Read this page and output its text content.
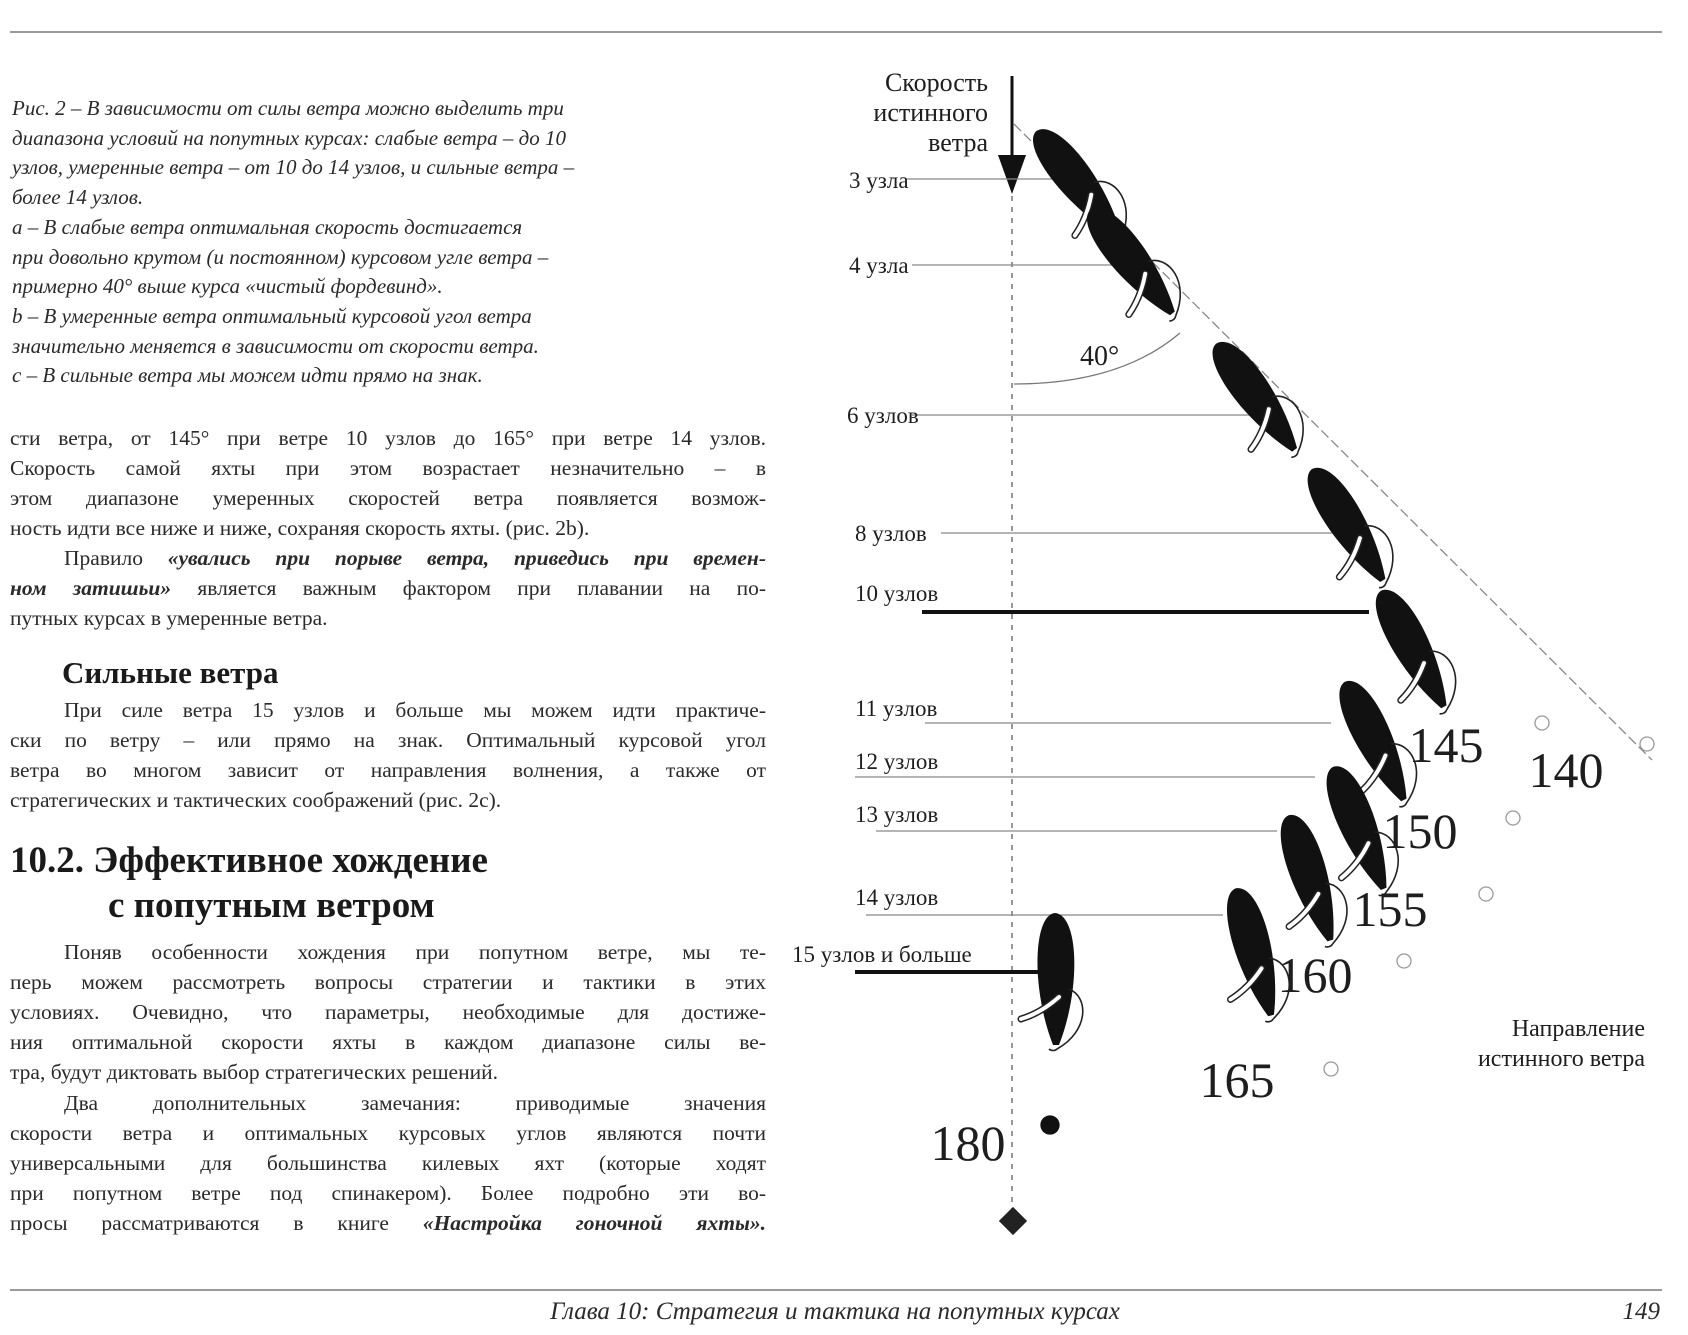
Рис. 2 – В зависимости от силы ветра можно выделить три
диапазона условий на попутных курсах: слабые ветра – до 10
узлов, умеренные ветра – от 10 до 14 узлов, и сильные ветра –
более 14 узлов.
a – В слабые ветра оптимальная скорость достигается
при довольно крутом (и постоянном) курсовом угле ветра –
примерно 40° выше курса «чистый фордевинд».
b – В умеренные ветра оптимальный курсовой угол ветра
значительно меняется в зависимости от скорости ветра.
c – В сильные ветра мы можем идти прямо на знак.
сти ветра, от 145° при ветре 10 узлов до 165° при ветре 14 узлов.
Скорость самой яхты при этом возрастает незначительно – в
этом диапазоне умеренных скоростей ветра появляется возмож-
ность идти все ниже и ниже, сохраняя скорость яхты. (рис. 2b).
Правило «увались при порыве ветра, приведись при времен-
ном затишьи» является важным фактором при плавании на по-
путных курсах в умеренные ветра.
Сильные ветра
При силе ветра 15 узлов и больше мы можем идти практиче-
ски по ветру – или прямо на знак. Оптимальный курсовой угол
ветра во многом зависит от направления волнения, а также от
стратегических и тактических соображений (рис. 2c).
10.2. Эффективное хождение
с попутным ветром
Поняв особенности хождения при попутном ветре, мы те-
перь можем рассмотреть вопросы стратегии и тактики в этих
условиях. Очевидно, что параметры, необходимые для достиже-
ния оптимальной скорости яхты в каждом диапазоне силы ве-
тра, будут диктовать выбор стратегических решений.
Два дополнительных замечания: приводимые значения
скорости ветра и оптимальных курсовых углов являются почти
универсальными для большинства килевых яхт (которые ходят
при попутном ветре под спинакером). Более подробно эти во-
просы рассматриваются в книге «Настройка гоночной яхты».
Скорость
истинного
ветра
40°
3 узла
4 узла
6 узлов
8 узлов
10 узлов
11 узлов
12 узлов
13 узлов
14 узлов
15 узлов и больше
145 140
150
155
160
165
180
Направление
истинного ветра
Глава 10: Стратегия и тактика на попутных курсах	149
